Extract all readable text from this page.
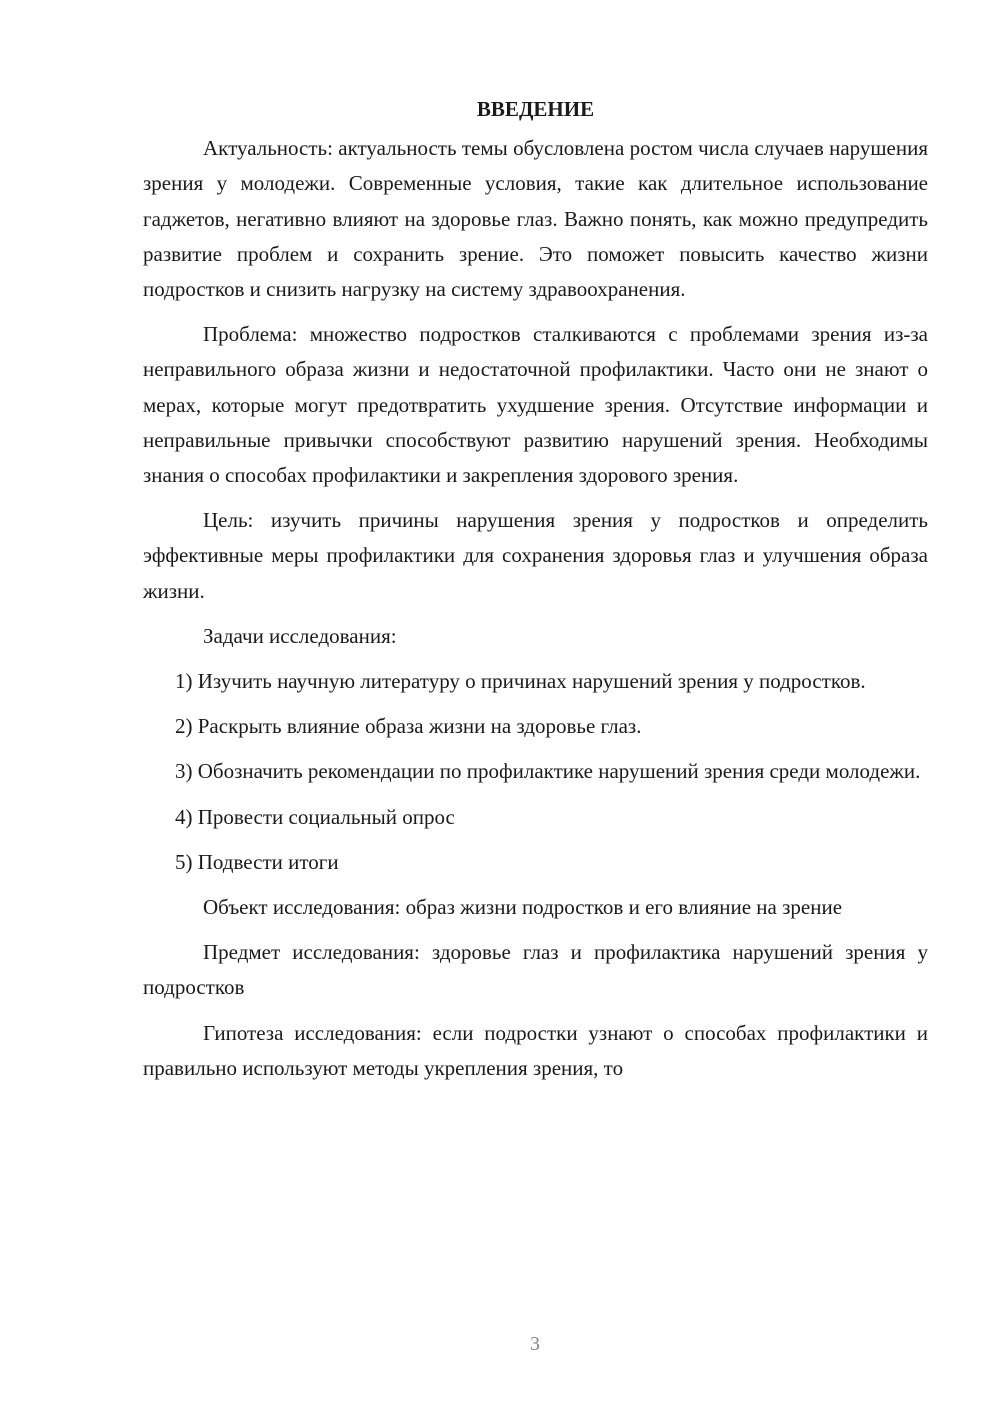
ВВЕДЕНИЕ

Актуальность: актуальность темы обусловлена ростом числа случаев нарушения зрения у молодежи. Современные условия, такие как длительное использование гаджетов, негативно влияют на здоровье глаз. Важно понять, как можно предупредить развитие проблем и сохранить зрение. Это поможет повысить качество жизни подростков и снизить нагрузку на систему здравоохранения.

Проблема: множество подростков сталкиваются с проблемами зрения из-за неправильного образа жизни и недостаточной профилактики. Часто они не знают о мерах, которые могут предотвратить ухудшение зрения. Отсутствие информации и неправильные привычки способствуют развитию нарушений зрения. Необходимы знания о способах профилактики и закрепления здорового зрения.

Цель: изучить причины нарушения зрения у подростков и определить эффективные меры профилактики для сохранения здоровья глаз и улучшения образа жизни.

Задачи исследования:

1) Изучить научную литературу о причинах нарушений зрения у подростков.

2) Раскрыть влияние образа жизни на здоровье глаз.

3) Обозначить рекомендации по профилактике нарушений зрения среди молодежи.

4) Провести социальный опрос

5) Подвести итоги

Объект исследования: образ жизни подростков и его влияние на зрение

Предмет исследования: здоровье глаз и профилактика нарушений зрения у подростков

Гипотеза исследования: если подростки узнают о способах профилактики и правильно используют методы укрепления зрения, то

3
